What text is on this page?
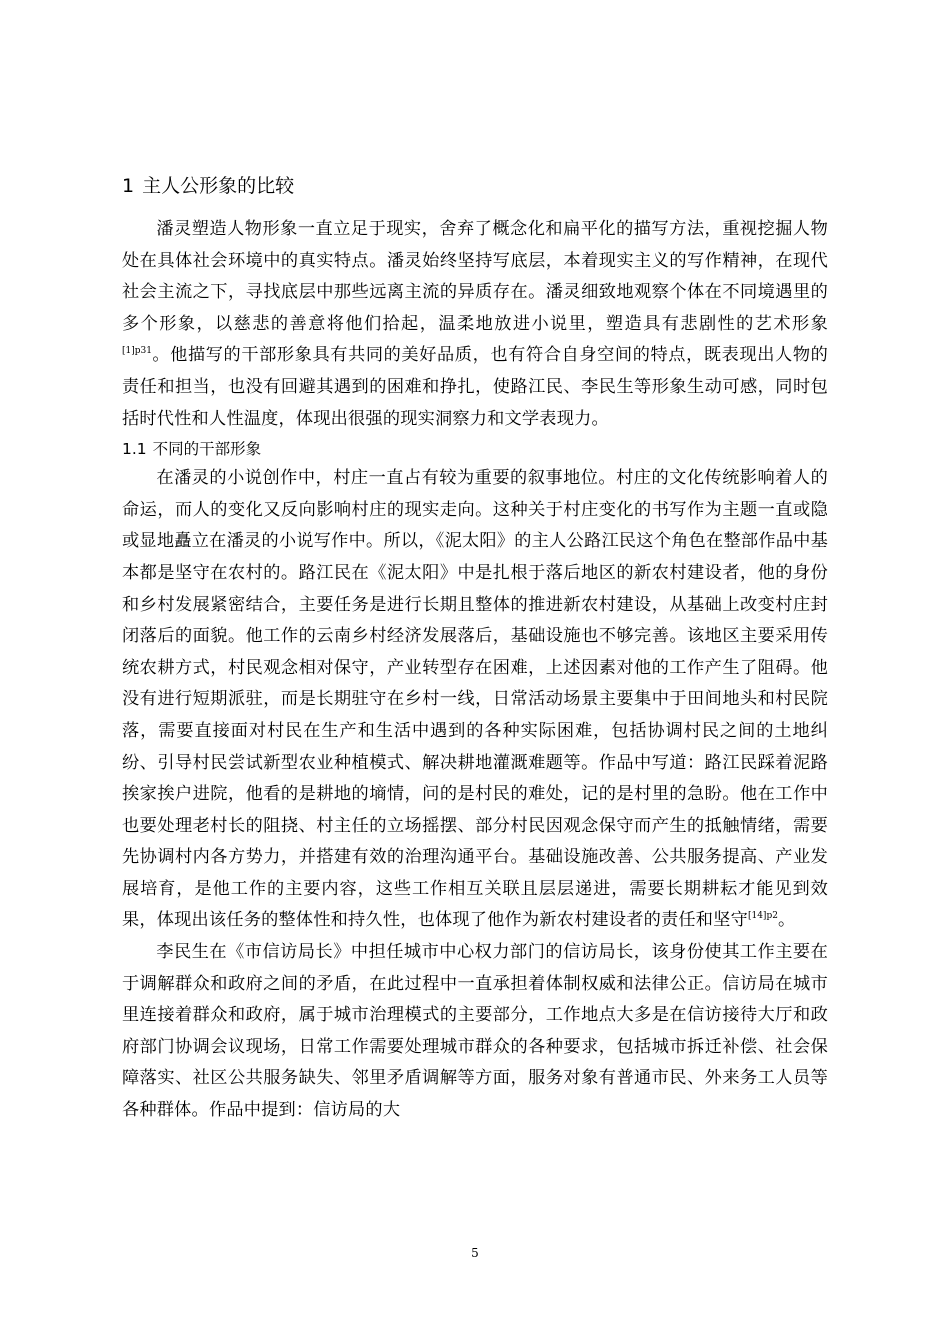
1 主人公形象的比较

潘灵塑造人物形象一直立足于现实，舍弃了概念化和扁平化的描写方法，重视挖掘人物处在具体社会环境中的真实特点。潘灵始终坚持写底层，本着现实主义的写作精神，在现代社会主流之下，寻找底层中那些远离主流的异质存在。潘灵细致地观察个体在不同境遇里的多个形象，以慈悲的善意将他们拾起，温柔地放进小说里，塑造具有悲剧性的艺术形象$^{[1]p31}$。他描写的干部形象具有共同的美好品质，也有符合自身空间的特点，既表现出人物的责任和担当，也没有回避其遇到的困难和挣扎，使路江民、李民生等形象生动可感，同时包括时代性和人性温度，体现出很强的现实洞察力和文学表现力。

1.1 不同的干部形象

在潘灵的小说创作中，村庄一直占有较为重要的叙事地位。村庄的文化传统影响着人的命运，而人的变化又反向影响村庄的现实走向。这种关于村庄变化的书写作为主题一直或隐或显地矗立在潘灵的小说写作中。所以，《泥太阳》的主人公路江民这个角色在整部作品中基本都是坚守在农村的。路江民在《泥太阳》中是扎根于落后地区的新农村建设者，他的身份和乡村发展紧密结合，主要任务是进行长期且整体的推进新农村建设，从基础上改变村庄封闭落后的面貌。他工作的云南乡村经济发展落后，基础设施也不够完善。该地区主要采用传统农耕方式，村民观念相对保守，产业转型存在困难，上述因素对他的工作产生了阻碍。他没有进行短期派驻，而是长期驻守在乡村一线，日常活动场景主要集中于田间地头和村民院落，需要直接面对村民在生产和生活中遇到的各种实际困难，包括协调村民之间的土地纠纷、引导村民尝试新型农业种植模式、解决耕地灌溉难题等。作品中写道：路江民踩着泥路挨家挨户进院，他看的是耕地的墒情，问的是村民的难处，记的是村里的急盼。他在工作中也要处理老村长的阻挠、村主任的立场摇摆、部分村民因观念保守而产生的抵触情绪，需要先协调村内各方势力，并搭建有效的治理沟通平台。基础设施改善、公共服务提高、产业发展培育，是他工作的主要内容，这些工作相互关联且层层递进，需要长期耕耘才能见到效果，体现出该任务的整体性和持久性，也体现了他作为新农村建设者的责任和坚守$^{[14]p2}$。

李民生在《市信访局长》中担任城市中心权力部门的信访局长，该身份使其工作主要在于调解群众和政府之间的矛盾，在此过程中一直承担着体制权威和法律公正。信访局在城市里连接着群众和政府，属于城市治理模式的主要部分，工作地点大多是在信访接待大厅和政府部门协调会议现场，日常工作需要处理城市群众的各种要求，包括城市拆迁补偿、社会保障落实、社区公共服务缺失、邻里矛盾调解等方面，服务对象有普通市民、外来务工人员等各种群体。作品中提到：信访局的大

5
